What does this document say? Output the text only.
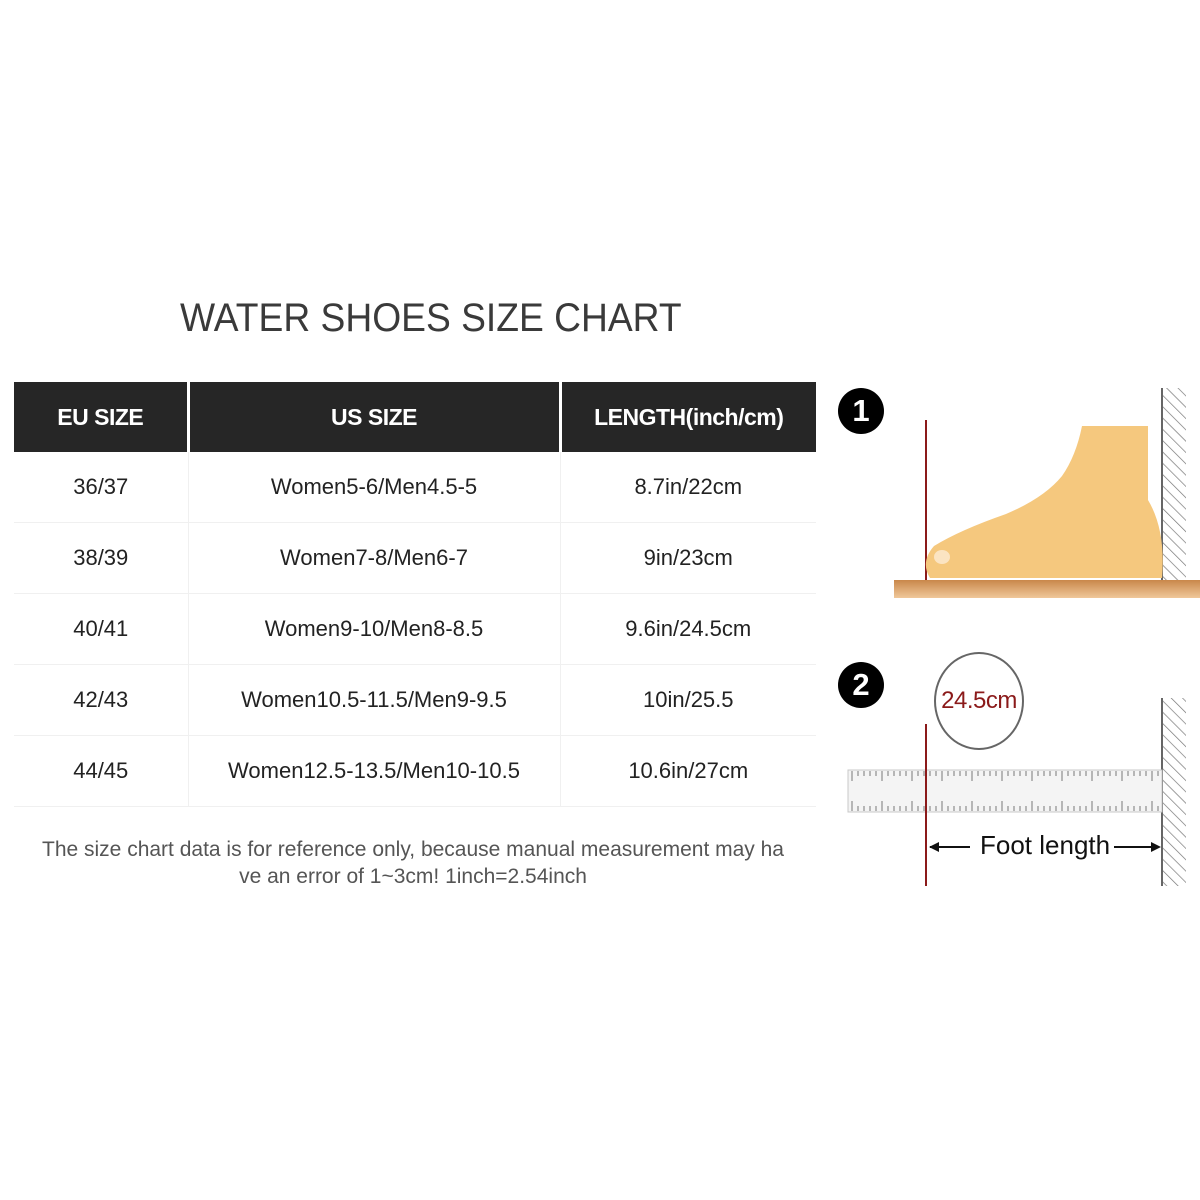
WATER SHOES SIZE CHART
EU SIZE	US SIZE	LENGTH(inch/cm)
36/37	Women5-6/Men4.5-5	8.7in/22cm
38/39	Women7-8/Men6-7	9in/23cm
40/41	Women9-10/Men8-8.5	9.6in/24.5cm
42/43	Women10.5-11.5/Men9-9.5	10in/25.5
44/45	Women12.5-13.5/Men10-10.5	10.6in/27cm
The size chart data is for reference only, because manual measurement may have an error of 1~3cm! 1inch=2.54inch
1
2	24.5cm
Foot length
